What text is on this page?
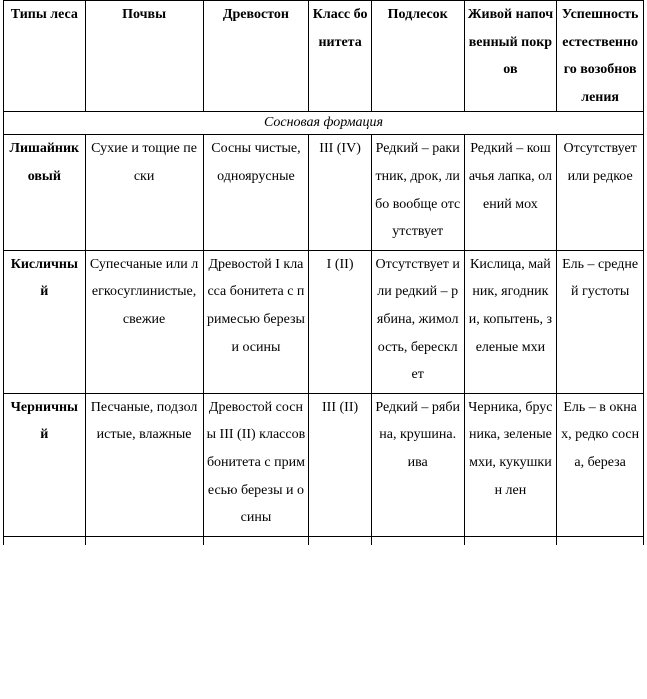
Типы леса	Почвы	Древостон	Класс бонитета	Подлесок	Живой напочвенный покров	Успешность естественного возобновления

Сосновая формация						

Лишайниковый	Сухие и тощие пески	Сосны чистые, одноярусные	III (IV)	Редкий – ракитник, дрок, либо вообще отсутствует	Редкий – кошачья лапка, олений мох	Отсутствует или редкое

Кисличный	Супесчаные или легкосуглинистые, свежие	Древостой I класса бонитета с примесью березы и осины	I (II)	Отсутствует или редкий – рябина, жимолость, бересклет	Кислица, майник, ягодники, копытень, зеленые мхи	Ель – средней густоты

Черничный	Песчаные, подзолистые, влажные	Древостой сосны III (II) классов бонитета с примесью березы и осины	III (II)	Редкий – рябина, крушина. ива	Черника, брусника, зеленые мхи, кукушкин лен	Ель – в окнах, редко сосна, береза
